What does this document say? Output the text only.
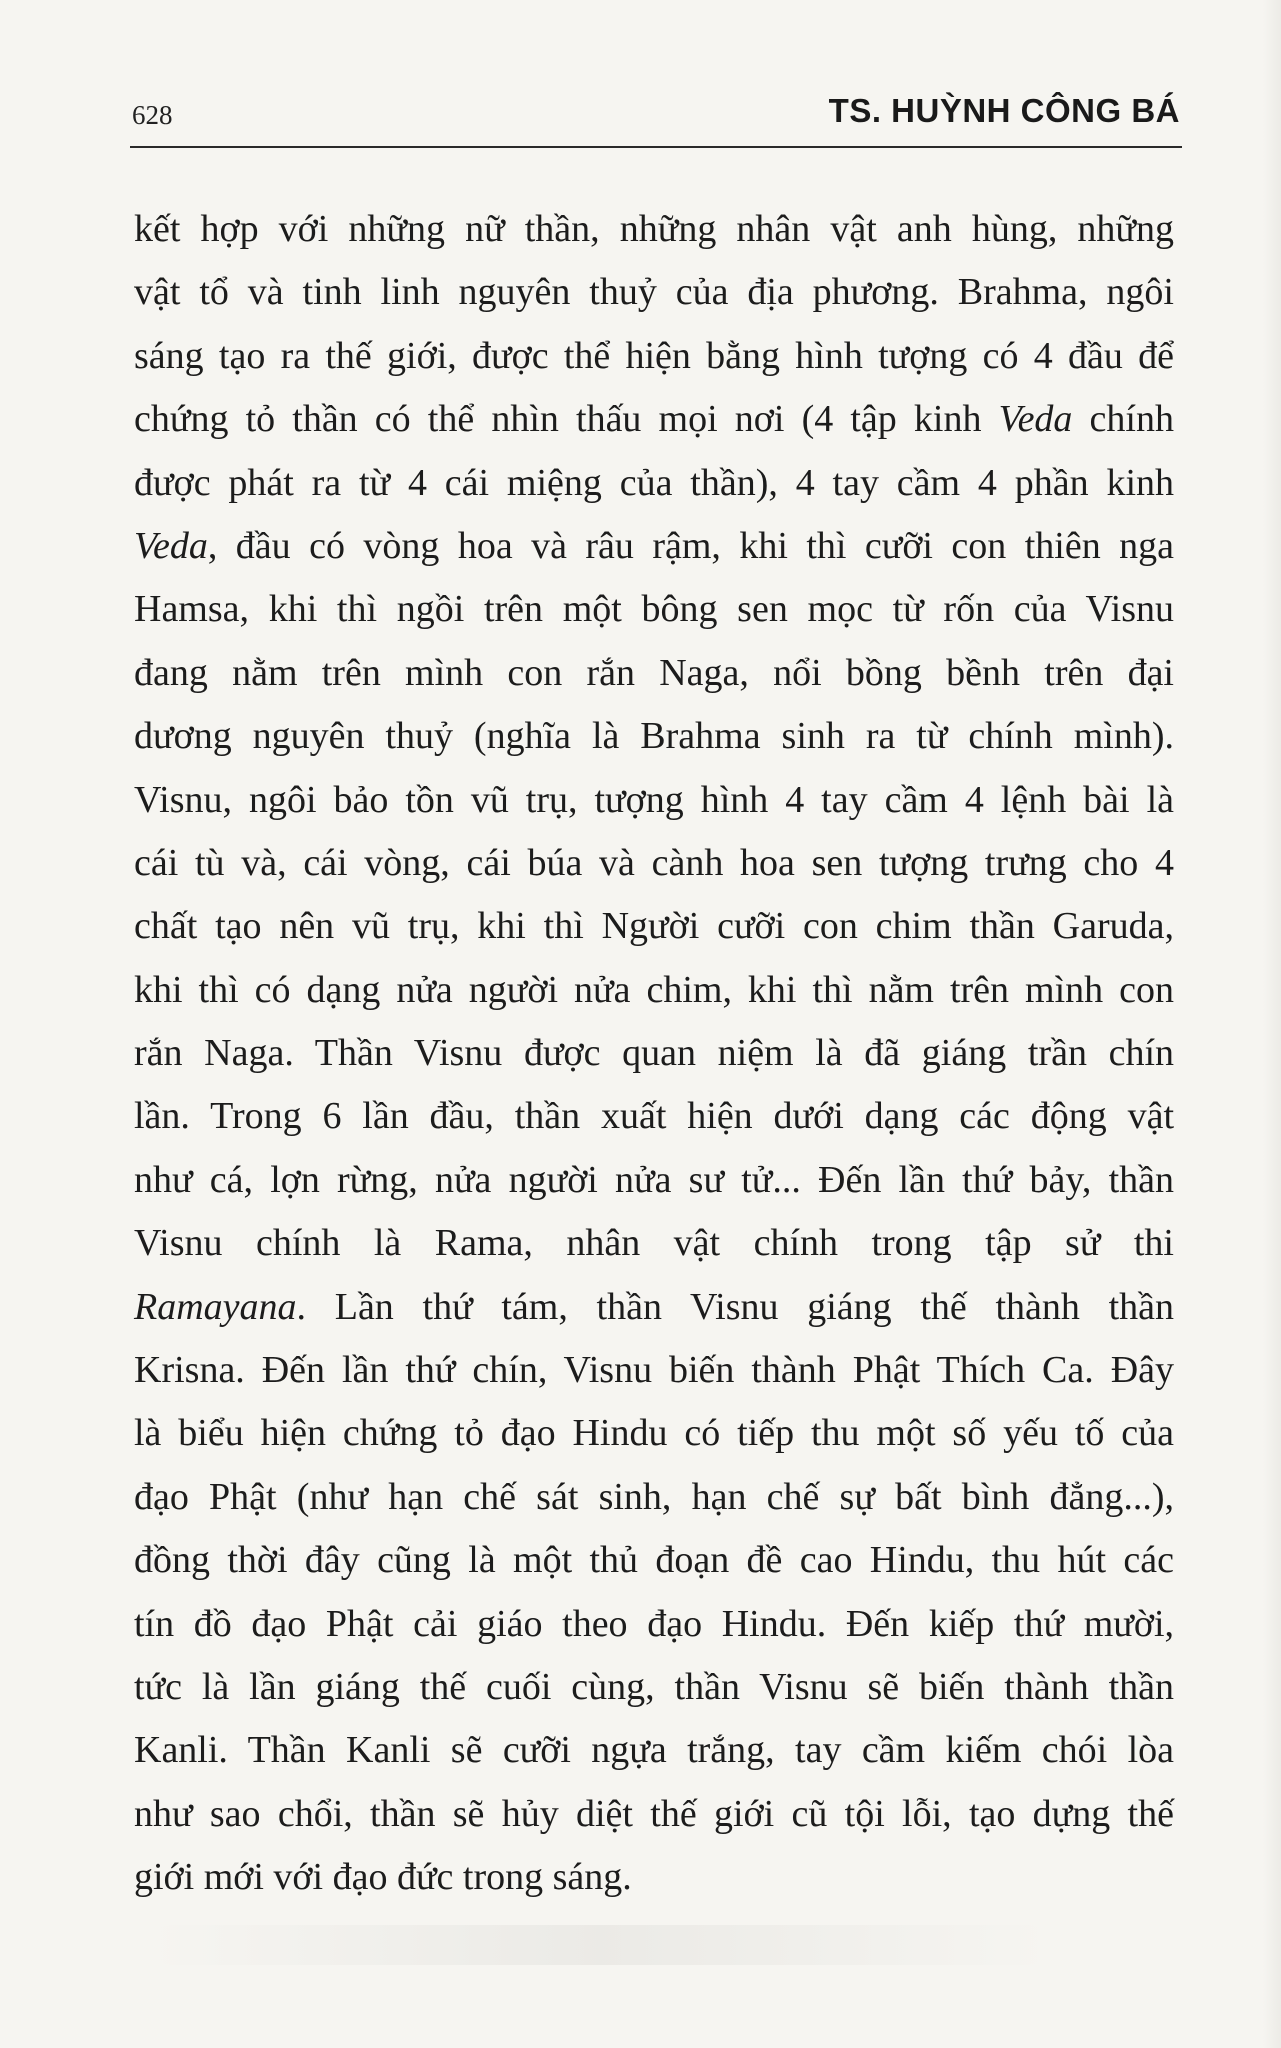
628	TS. HUỲNH CÔNG BÁ
kết hợp với những nữ thần, những nhân vật anh hùng, những
vật tổ và tinh linh nguyên thuỷ của địa phương. Brahma, ngôi
sáng tạo ra thế giới, được thể hiện bằng hình tượng có 4 đầu để
chứng tỏ thần có thể nhìn thấu mọi nơi (4 tập kinh Veda chính
được phát ra từ 4 cái miệng của thần), 4 tay cầm 4 phần kinh
Veda, đầu có vòng hoa và râu rậm, khi thì cưỡi con thiên nga
Hamsa, khi thì ngồi trên một bông sen mọc từ rốn của Visnu
đang nằm trên mình con rắn Naga, nổi bồng bềnh trên đại
dương nguyên thuỷ (nghĩa là Brahma sinh ra từ chính mình).
Visnu, ngôi bảo tồn vũ trụ, tượng hình 4 tay cầm 4 lệnh bài là
cái tù và, cái vòng, cái búa và cành hoa sen tượng trưng cho 4
chất tạo nên vũ trụ, khi thì Người cưỡi con chim thần Garuda,
khi thì có dạng nửa người nửa chim, khi thì nằm trên mình con
rắn Naga. Thần Visnu được quan niệm là đã giáng trần chín
lần. Trong 6 lần đầu, thần xuất hiện dưới dạng các động vật
như cá, lợn rừng, nửa người nửa sư tử... Đến lần thứ bảy, thần
Visnu chính là Rama, nhân vật chính trong tập sử thi
Ramayana. Lần thứ tám, thần Visnu giáng thế thành thần
Krisna. Đến lần thứ chín, Visnu biến thành Phật Thích Ca. Đây
là biểu hiện chứng tỏ đạo Hindu có tiếp thu một số yếu tố của
đạo Phật (như hạn chế sát sinh, hạn chế sự bất bình đẳng...),
đồng thời đây cũng là một thủ đoạn đề cao Hindu, thu hút các
tín đồ đạo Phật cải giáo theo đạo Hindu. Đến kiếp thứ mười,
tức là lần giáng thế cuối cùng, thần Visnu sẽ biến thành thần
Kanli. Thần Kanli sẽ cưỡi ngựa trắng, tay cầm kiếm chói lòa
như sao chổi, thần sẽ hủy diệt thế giới cũ tội lỗi, tạo dựng thế
giới mới với đạo đức trong sáng.
